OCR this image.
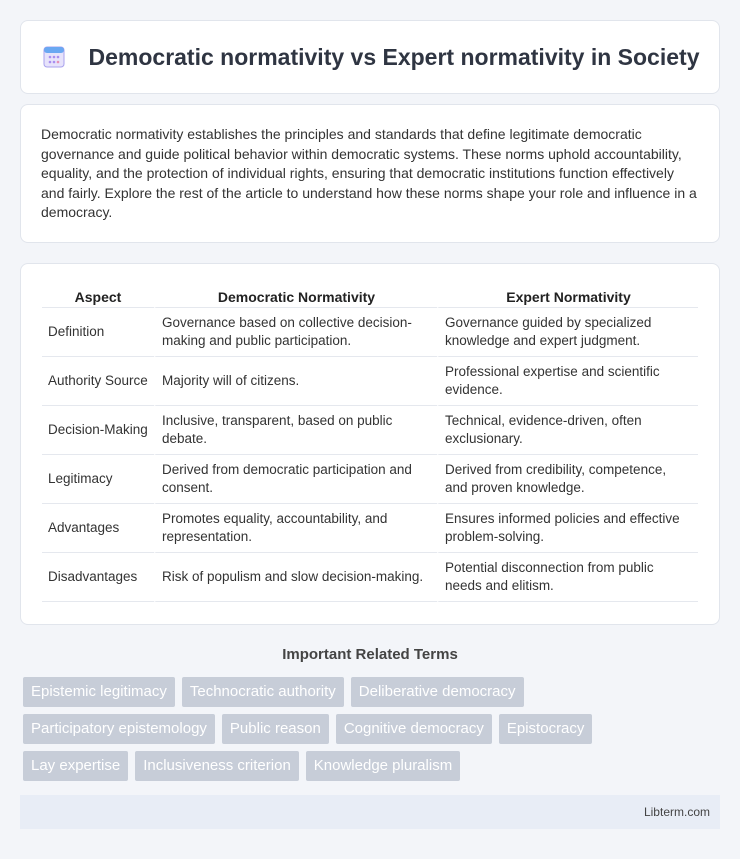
Democratic normativity vs Expert normativity in Society

Democratic normativity establishes the principles and standards that define legitimate democratic governance and guide political behavior within democratic systems. These norms uphold accountability, equality, and the protection of individual rights, ensuring that democratic institutions function effectively and fairly. Explore the rest of the article to understand how these norms shape your role and influence in a democracy.

Aspect	Democratic Normativity	Expert Normativity
Definition	Governance based on collective decision-making and public participation.	Governance guided by specialized knowledge and expert judgment.
Authority Source	Majority will of citizens.	Professional expertise and scientific evidence.
Decision-Making	Inclusive, transparent, based on public debate.	Technical, evidence-driven, often exclusionary.
Legitimacy	Derived from democratic participation and consent.	Derived from credibility, competence, and proven knowledge.
Advantages	Promotes equality, accountability, and representation.	Ensures informed policies and effective problem-solving.
Disadvantages	Risk of populism and slow decision-making.	Potential disconnection from public needs and elitism.
Important Related Terms
Epistemic legitimacy	Technocratic authority	Deliberative democracy
Participatory epistemology	Public reason	Cognitive democracy	Epistocracy
Lay expertise	Inclusiveness criterion	Knowledge pluralism
Libterm.com
